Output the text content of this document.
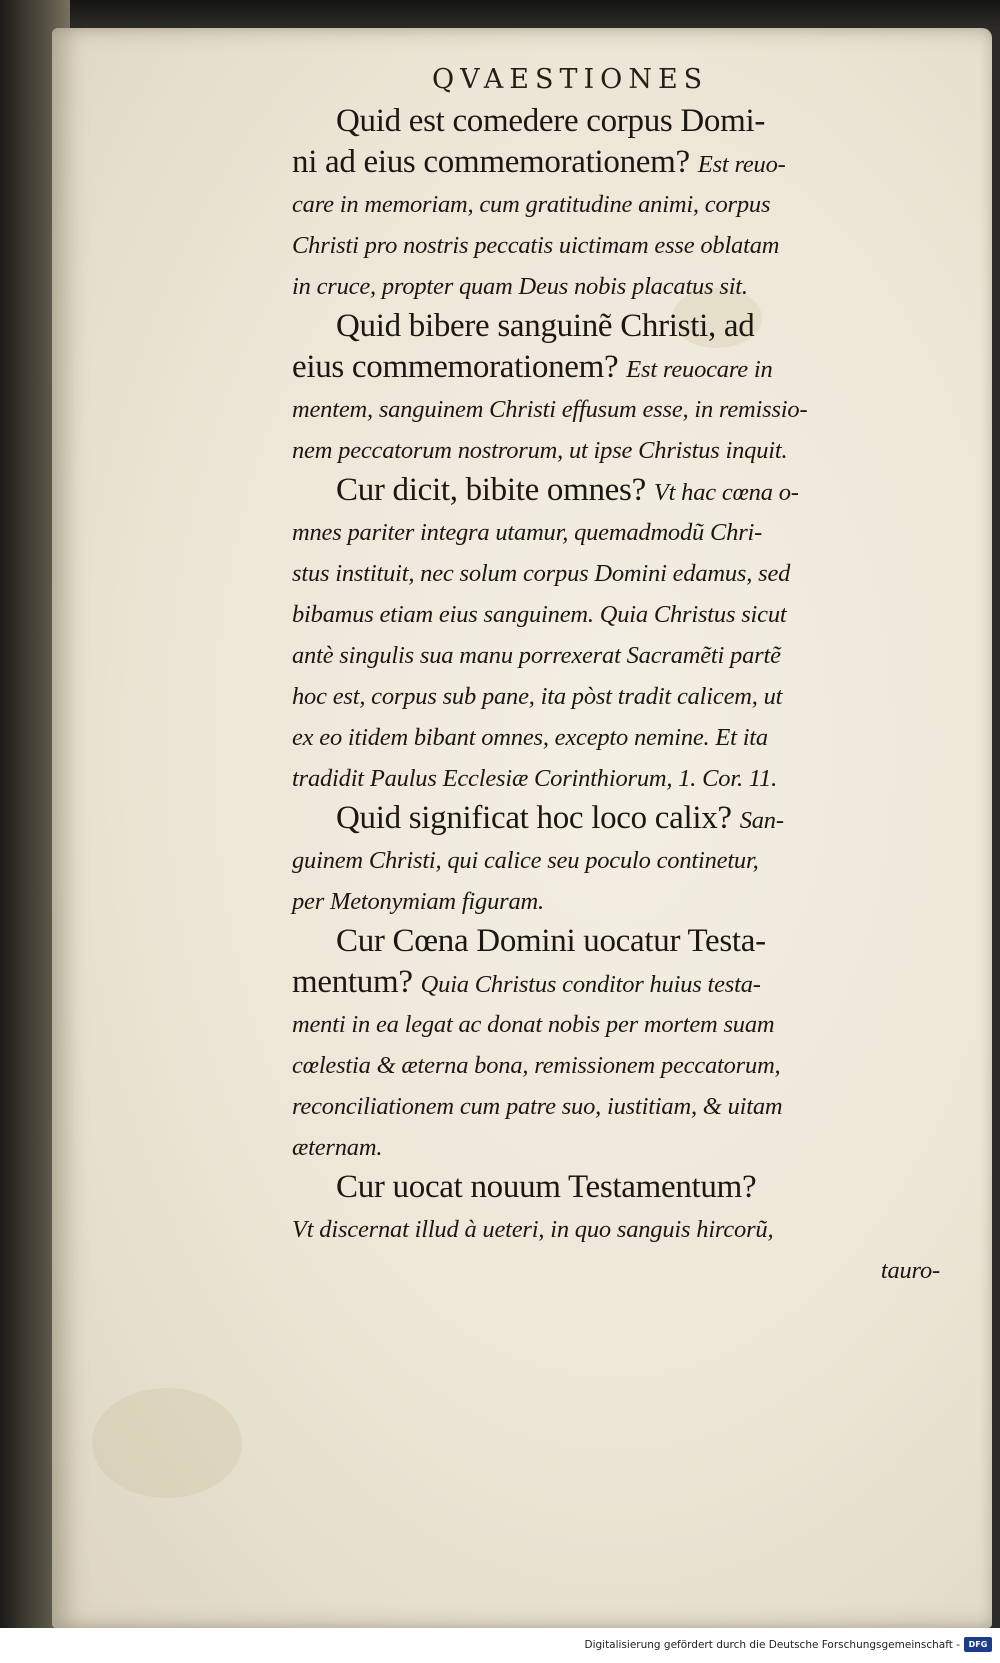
QVAESTIONES
Quid est comedere corpus Domi-
ni ad eius commemorationem? Est reuo-
care in memoriam, cum gratitudine animi, corpus
Christi pro nostris peccatis uictimam esse oblatam
in cruce, propter quam Deus nobis placatus sit.
Quid bibere sanguinẽ Christi, ad
eius commemorationem? Est reuocare in
mentem, sanguinem Christi effusum esse, in remissio-
nem peccatorum nostrorum, ut ipse Christus inquit.
Cur dicit, bibite omnes? Vt hac cœna o-
mnes pariter integra utamur, quemadmodũ Chri-
stus instituit, nec solum corpus Domini edamus, sed
bibamus etiam eius sanguinem. Quia Christus sicut
antè singulis sua manu porrexerat Sacramẽti partẽ
hoc est, corpus sub pane, ita pòst tradit calicem, ut
ex eo itidem bibant omnes, excepto nemine. Et ita
tradidit Paulus Ecclesiæ Corinthiorum, 1. Cor. 11.
Quid significat hoc loco calix? San-
guinem Christi, qui calice seu poculo continetur,
per Metonymiam figuram.
Cur Cœna Domini uocatur Testa-
mentum? Quia Christus conditor huius testa-
menti in ea legat ac donat nobis per mortem suam
cœlestia & æterna bona, remissionem peccatorum,
reconciliationem cum patre suo, iustitiam, & uitam
æternam.
Cur uocat nouum Testamentum?
Vt discernat illud à ueteri, in quo sanguis hircorũ,
tauro-
Digitalisierung gefördert durch die Deutsche Forschungsgemeinschaft -	DFG
